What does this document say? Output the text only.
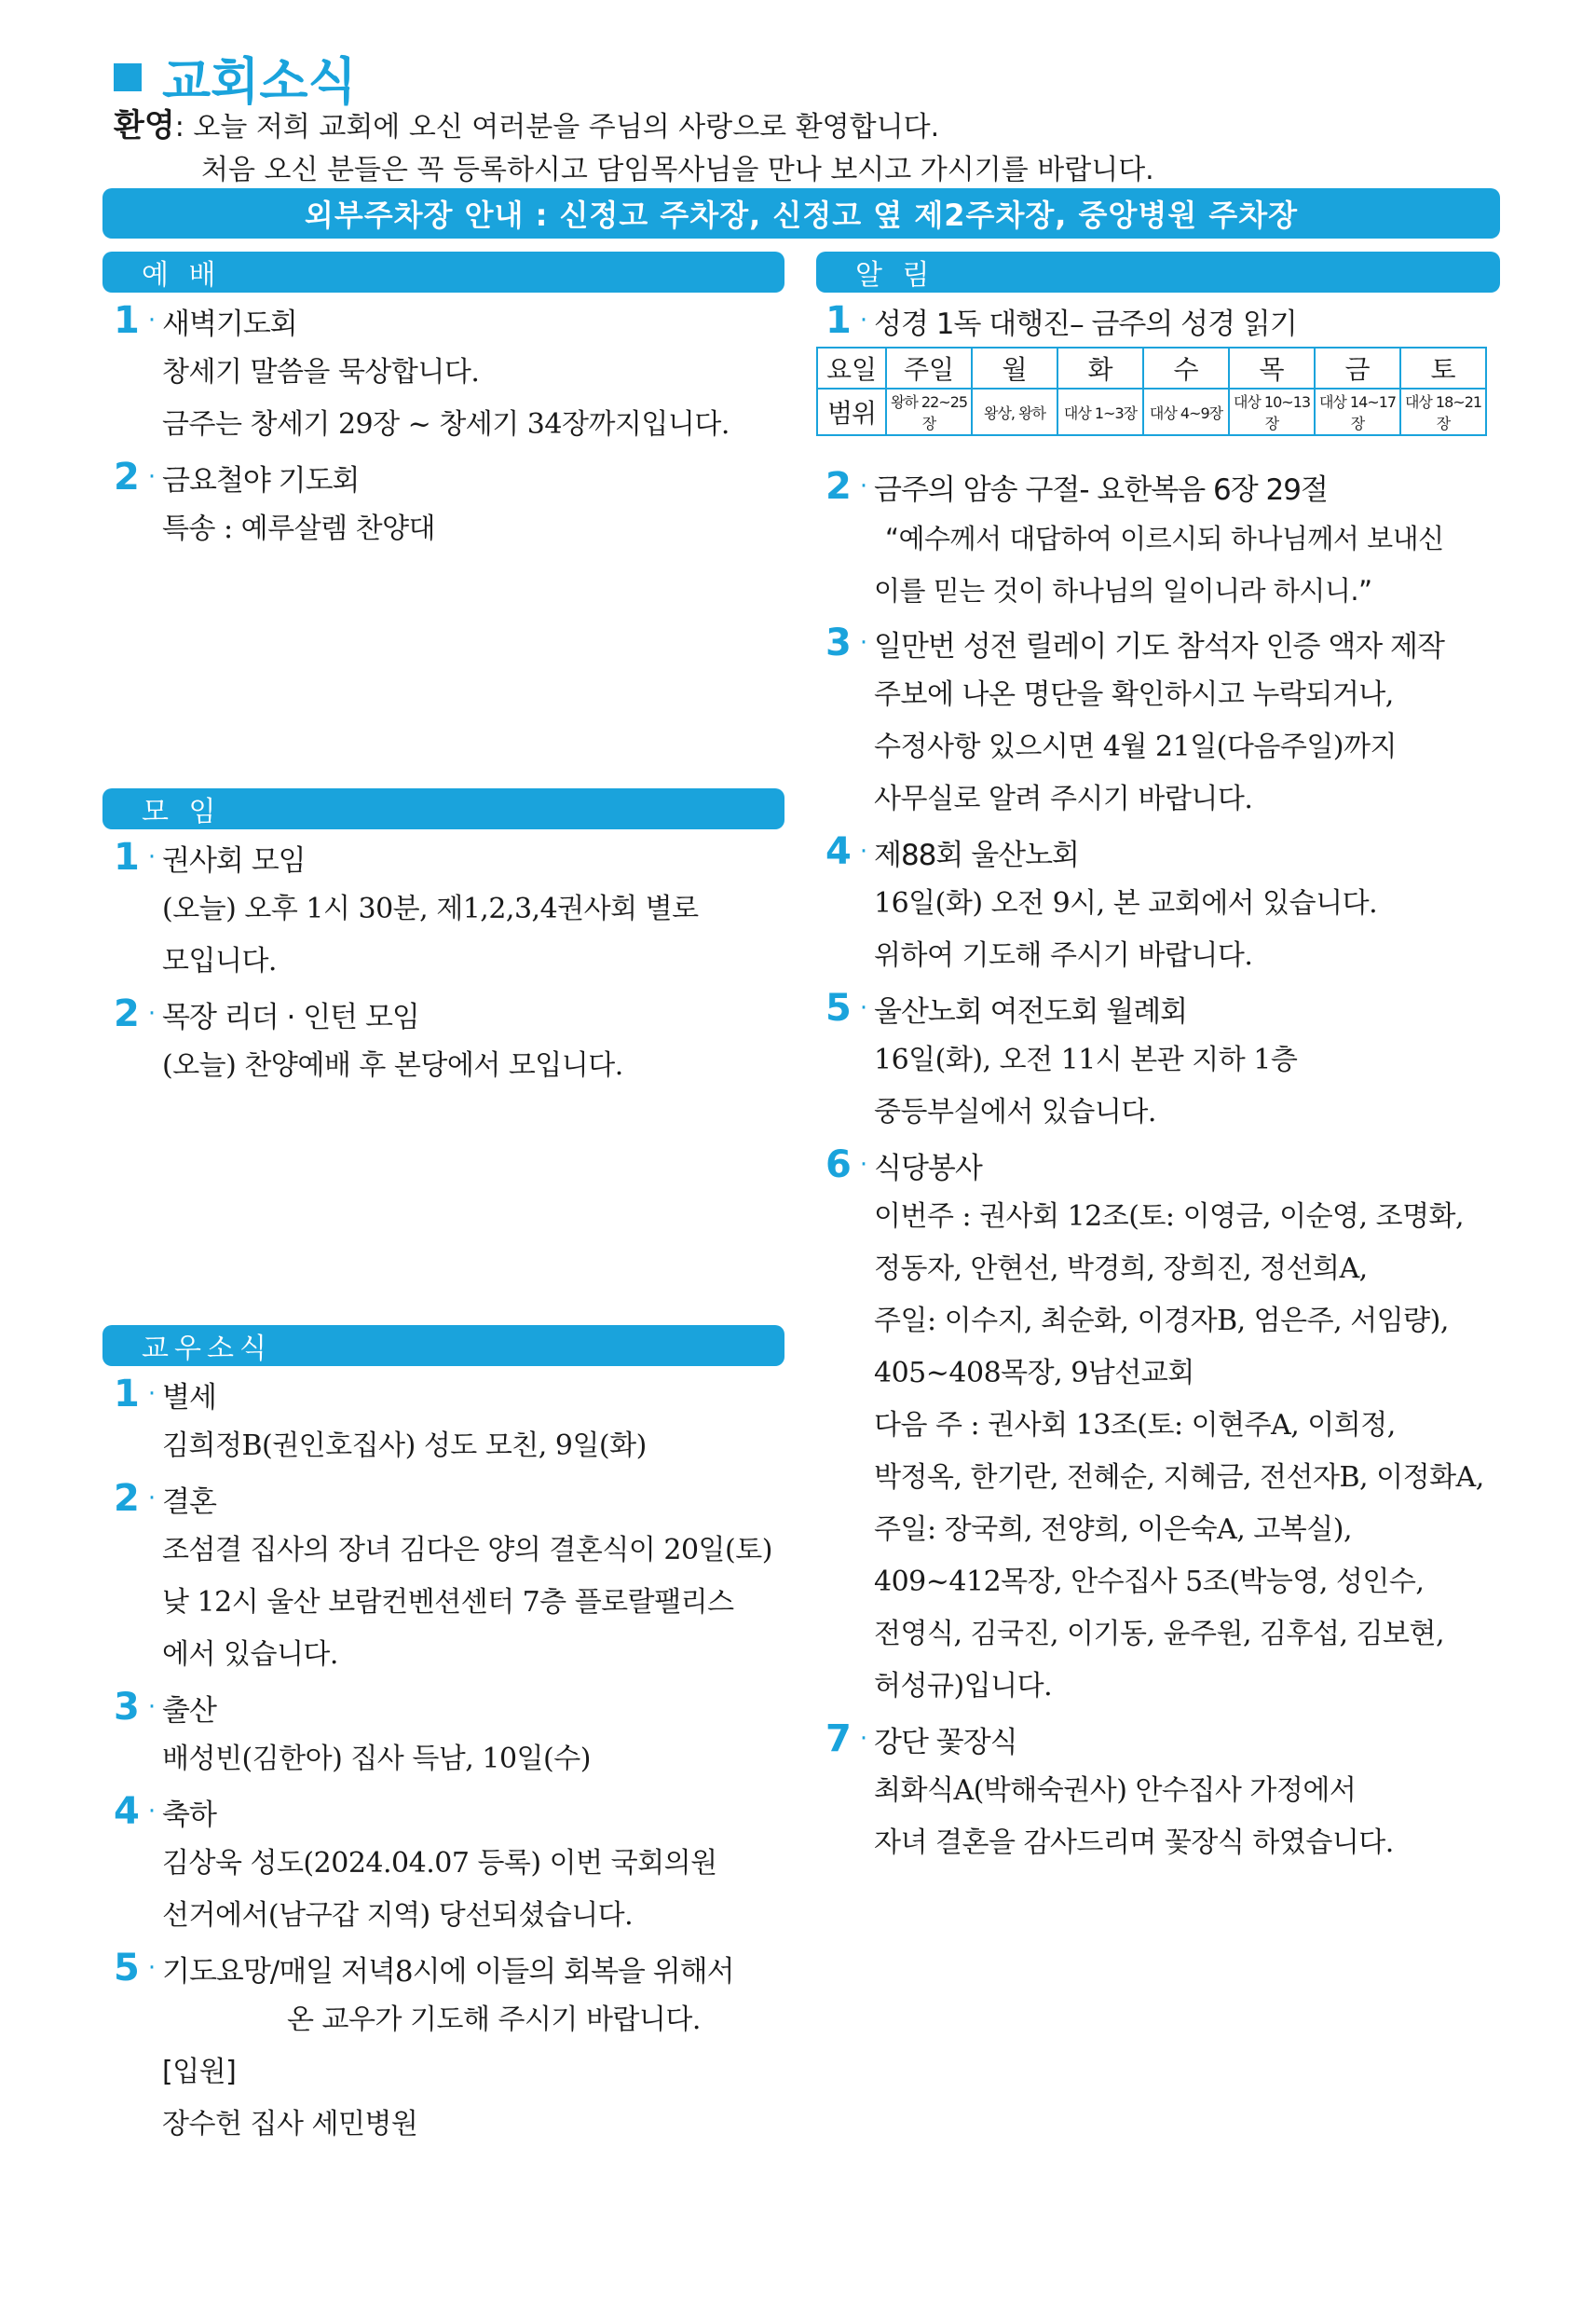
교회소식
환영: 오늘 저희 교회에 오신 여러분을 주님의 사랑으로 환영합니다.
처음 오신 분들은 꼭 등록하시고 담임목사님을 만나 보시고 가시기를 바랍니다.
외부주차장 안내 : 신정고 주차장, 신정고 옆 제2주차장, 중앙병원 주차장
예 배	알 림
모 임
교우소식
1 · 새벽기도회
창세기 말씀을 묵상합니다.
금주는 창세기 29장 ~ 창세기 34장까지입니다.
2 · 금요철야 기도회
특송 : 예루살렘 찬양대
1 · 권사회 모임
(오늘) 오후 1시 30분, 제1,2,3,4권사회 별로
모입니다.
2 · 목장 리더 · 인턴 모임
(오늘) 찬양예배 후 본당에서 모입니다.
1 · 별세
김희정B(권인호집사) 성도 모친, 9일(화)
2 · 결혼
조섬결 집사의 장녀 김다은 양의 결혼식이 20일(토)
낮 12시 울산 보람컨벤션센터 7층 플로랄팰리스
에서 있습니다.
3 · 출산
배성빈(김한아) 집사 득남, 10일(수)
4 · 축하
김상욱 성도(2024.04.07 등록) 이번 국회의원
선거에서(남구갑 지역) 당선되셨습니다.
5 · 기도요망 /매일 저녁8시에 이들의 회복을 위해서
온 교우가 기도해 주시기 바랍니다.
[입원]
장수헌 집사 세민병원
1 · 성경 1독 대행진 – 금주의 성경 읽기
요일	주일	월	화	수	목	금	토
범위	왕하 22~25장	왕상, 왕하	대상 1~3장	대상 4~9장	대상 10~13장	대상 14~17장	대상 18~21장
2 · 금주의 암송 구절 - 요한복음 6장 29절
“예수께서 대답하여 이르시되 하나님께서 보내신
이를 믿는 것이 하나님의 일이니라 하시니.”
3 · 일만번 성전 릴레이 기도 참석자 인증 액자 제작
주보에 나온 명단을 확인하시고 누락되거나,
수정사항 있으시면 4월 21일(다음주일)까지
사무실로 알려 주시기 바랍니다.
4 · 제88회 울산노회
16일(화) 오전 9시, 본 교회에서 있습니다.
위하여 기도해 주시기 바랍니다.
5 · 울산노회 여전도회 월례회
16일(화), 오전 11시 본관 지하 1층
중등부실에서 있습니다.
6 · 식당봉사
이번주 : 권사회 12조(토: 이영금, 이순영, 조명화,
정동자, 안현선, 박경희, 장희진, 정선희A,
주일: 이수지, 최순화, 이경자B, 엄은주, 서임량),
405~408목장, 9남선교회
다음 주 : 권사회 13조(토: 이현주A, 이희정,
박정옥, 한기란, 전혜순, 지혜금, 전선자B, 이정화A,
주일: 장국희, 전양희, 이은숙A, 고복실),
409~412목장, 안수집사 5조(박능영, 성인수,
전영식, 김국진, 이기동, 윤주원, 김후섭, 김보현,
허성규)입니다.
7 · 강단 꽃장식
최화식A(박해숙권사) 안수집사 가정에서
자녀 결혼을 감사드리며 꽃장식 하였습니다.
